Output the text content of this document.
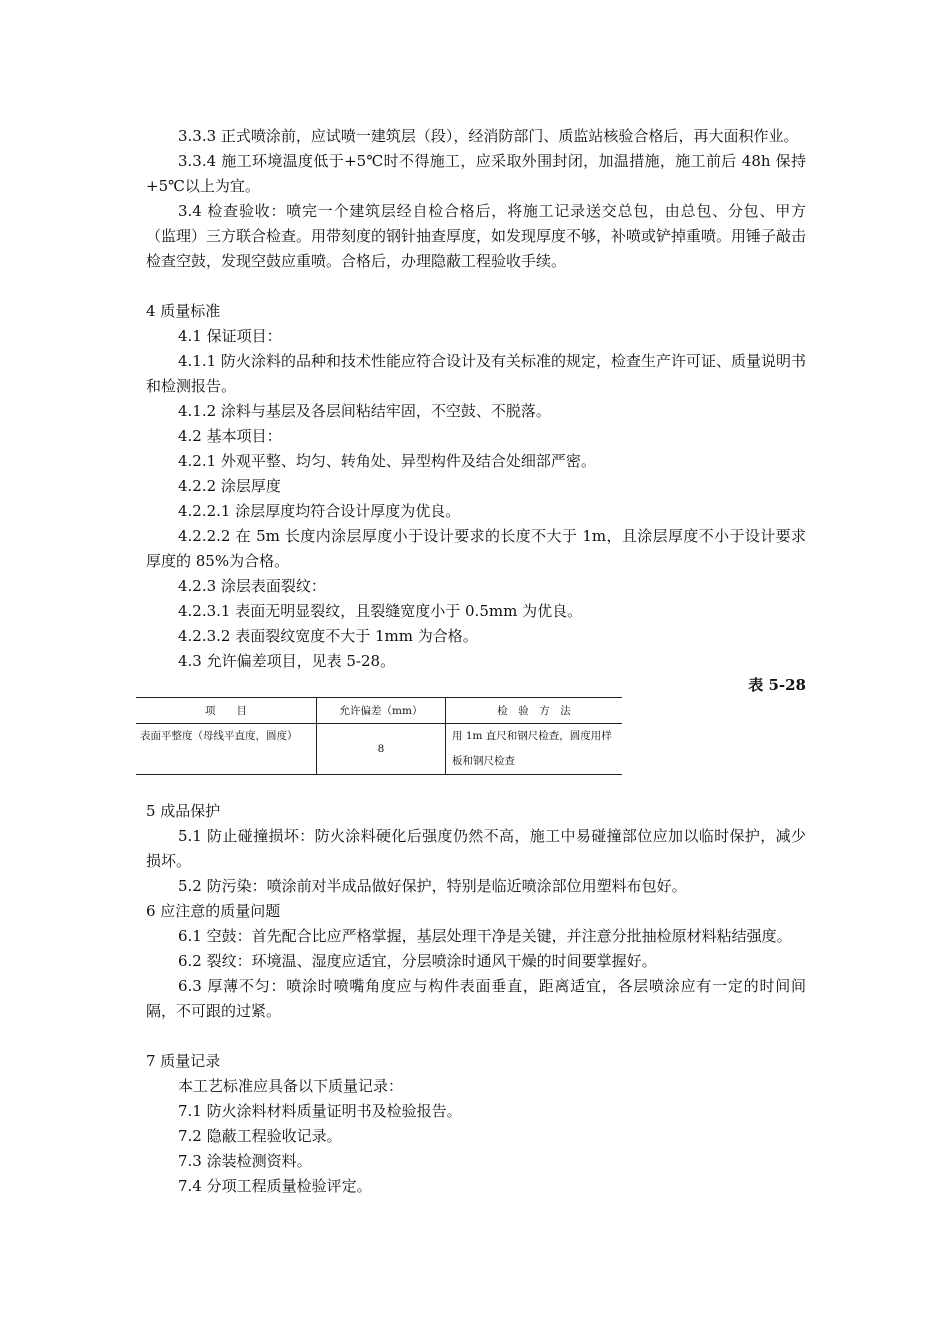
3.3.3 正式喷涂前，应试喷一建筑层（段），经消防部门、质监站核验合格后，再大面积作业。
3.3.4 施工环境温度低于+5℃时不得施工，应采取外围封闭，加温措施，施工前后 48h 保持+5℃以上为宜。
3.4 检查验收：喷完一个建筑层经自检合格后，将施工记录送交总包，由总包、分包、甲方（监理）三方联合检查。用带刻度的钢针抽查厚度，如发现厚度不够，补喷或铲掉重喷。用锤子敲击检查空鼓，发现空鼓应重喷。合格后，办理隐蔽工程验收手续。
4 质量标准
4.1 保证项目：
4.1.1 防火涂料的品种和技术性能应符合设计及有关标准的规定，检查生产许可证、质量说明书和检测报告。
4.1.2 涂料与基层及各层间粘结牢固，不空鼓、不脱落。
4.2 基本项目：
4.2.1 外观平整、均匀、转角处、异型构件及结合处细部严密。
4.2.2 涂层厚度
4.2.2.1 涂层厚度均符合设计厚度为优良。
4.2.2.2 在 5m 长度内涂层厚度小于设计要求的长度不大于 1m，且涂层厚度不小于设计要求厚度的 85%为合格。
4.2.3 涂层表面裂纹：
4.2.3.1 表面无明显裂纹，且裂缝宽度小于 0.5mm 为优良。
4.2.3.2 表面裂纹宽度不大于 1mm 为合格。
4.3 允许偏差项目，见表 5-28。
表 5-28
项　　目	允许偏差（mm）	检　验　方　法
表面平整度（母线平直度，圆度）
8
用 1m 直尺和钢尺检查，圆度用样板和钢尺检查
5 成品保护
5.1 防止碰撞损坏：防火涂料硬化后强度仍然不高，施工中易碰撞部位应加以临时保护，减少损坏。
5.2 防污染：喷涂前对半成品做好保护，特别是临近喷涂部位用塑料布包好。
6 应注意的质量问题
6.1 空鼓：首先配合比应严格掌握，基层处理干净是关键，并注意分批抽检原材料粘结强度。
6.2 裂纹：环境温、湿度应适宜，分层喷涂时通风干燥的时间要掌握好。
6.3 厚薄不匀：喷涂时喷嘴角度应与构件表面垂直，距离适宜，各层喷涂应有一定的时间间隔，不可跟的过紧。
7 质量记录
本工艺标准应具备以下质量记录：
7.1 防火涂料材料质量证明书及检验报告。
7.2 隐蔽工程验收记录。
7.3 涂装检测资料。
7.4 分项工程质量检验评定。
